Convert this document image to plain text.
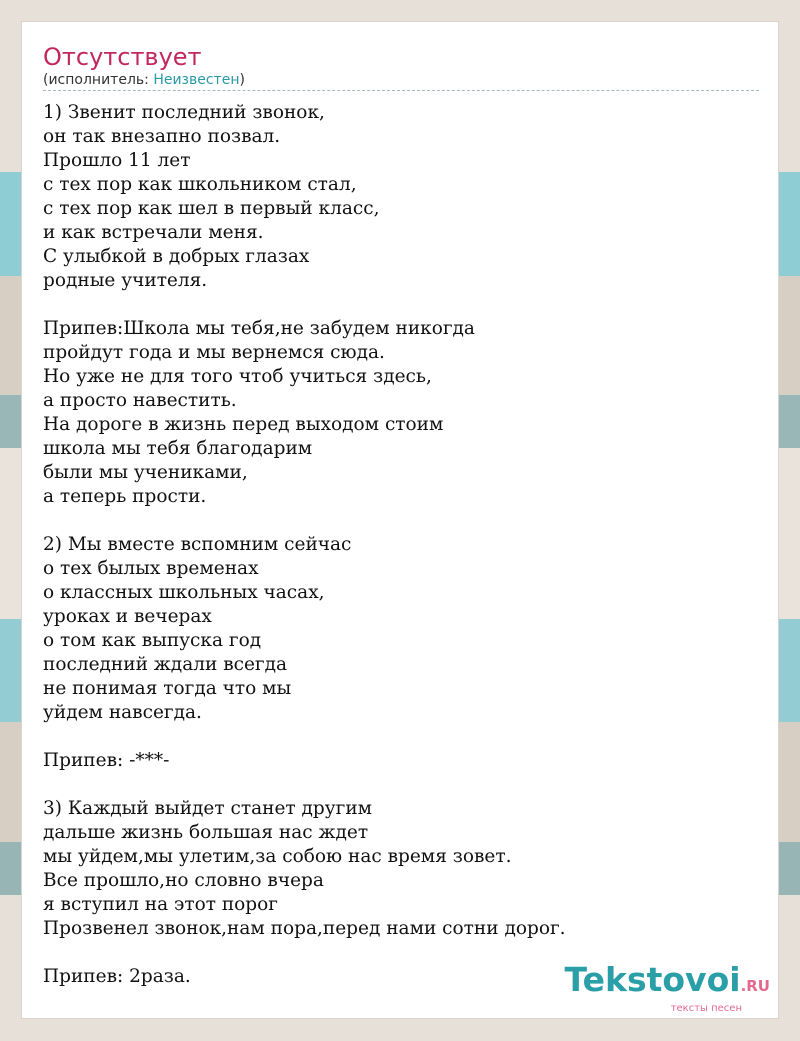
Отсутствует
(исполнитель: Неизвестен)
1) Звенит последний звонок,
он так внезапно позвал.
Прошло 11 лет
с тех пор как школьником стал,
с тех пор как шел в первый класс,
и как встречали меня.
С улыбкой в добрых глазах
родные учителя.
Припев:Школа мы тебя,не забудем никогда
пройдут года и мы вернемся сюда.
Но уже не для того чтоб учиться здесь,
а просто навестить.
На дороге в жизнь перед выходом стоим
школа мы тебя благодарим
были мы учениками,
а теперь прости.
2) Мы вместе вспомним сейчас
о тех былых временах
о классных школьных часах,
уроках и вечерах
о том как выпуска год
последний ждали всегда
не понимая тогда что мы
уйдем навсегда.
Припев: -***-
3) Каждый выйдет станет другим
дальше жизнь большая нас ждет
мы уйдем,мы улетим,за собою нас время зовет.
Все прошло,но словно вчера
я вступил на этот порог
Прозвенел звонок,нам пора,перед нами сотни дорог.
Припев: 2раза.	Tekstovoi.RU
тексты песен
